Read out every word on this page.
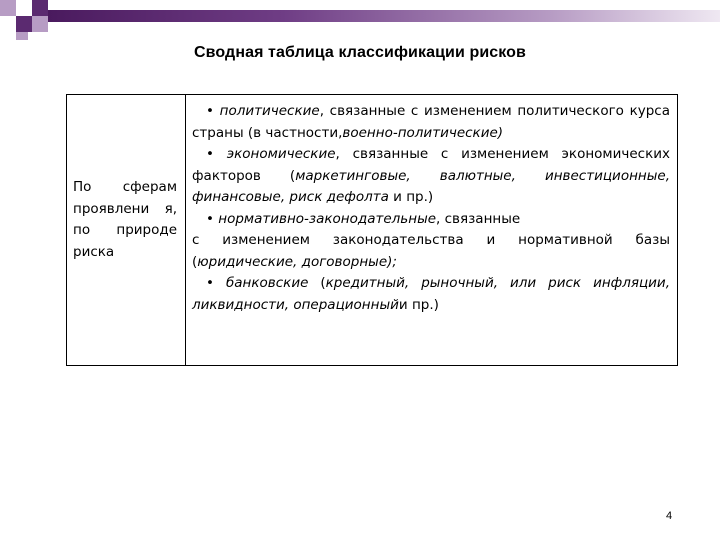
Сводная таблица классификации рисков
По сферам проявлени я, по природе риска

• политические, связанные с изменением политического курса страны (в частности,военно-политические)

• экономические, связанные с изменением экономических факторов (маркетинговые, валютные, инвестиционные, финансовые, риск дефолта и пр.)

• нормативно-законодательные, связанные
с изменением законодательства и нормативной базы (юридические, договорные);

• банковские (кредитный, рыночный, или риск инфляции, ликвидности, операционныйи пр.)

4
